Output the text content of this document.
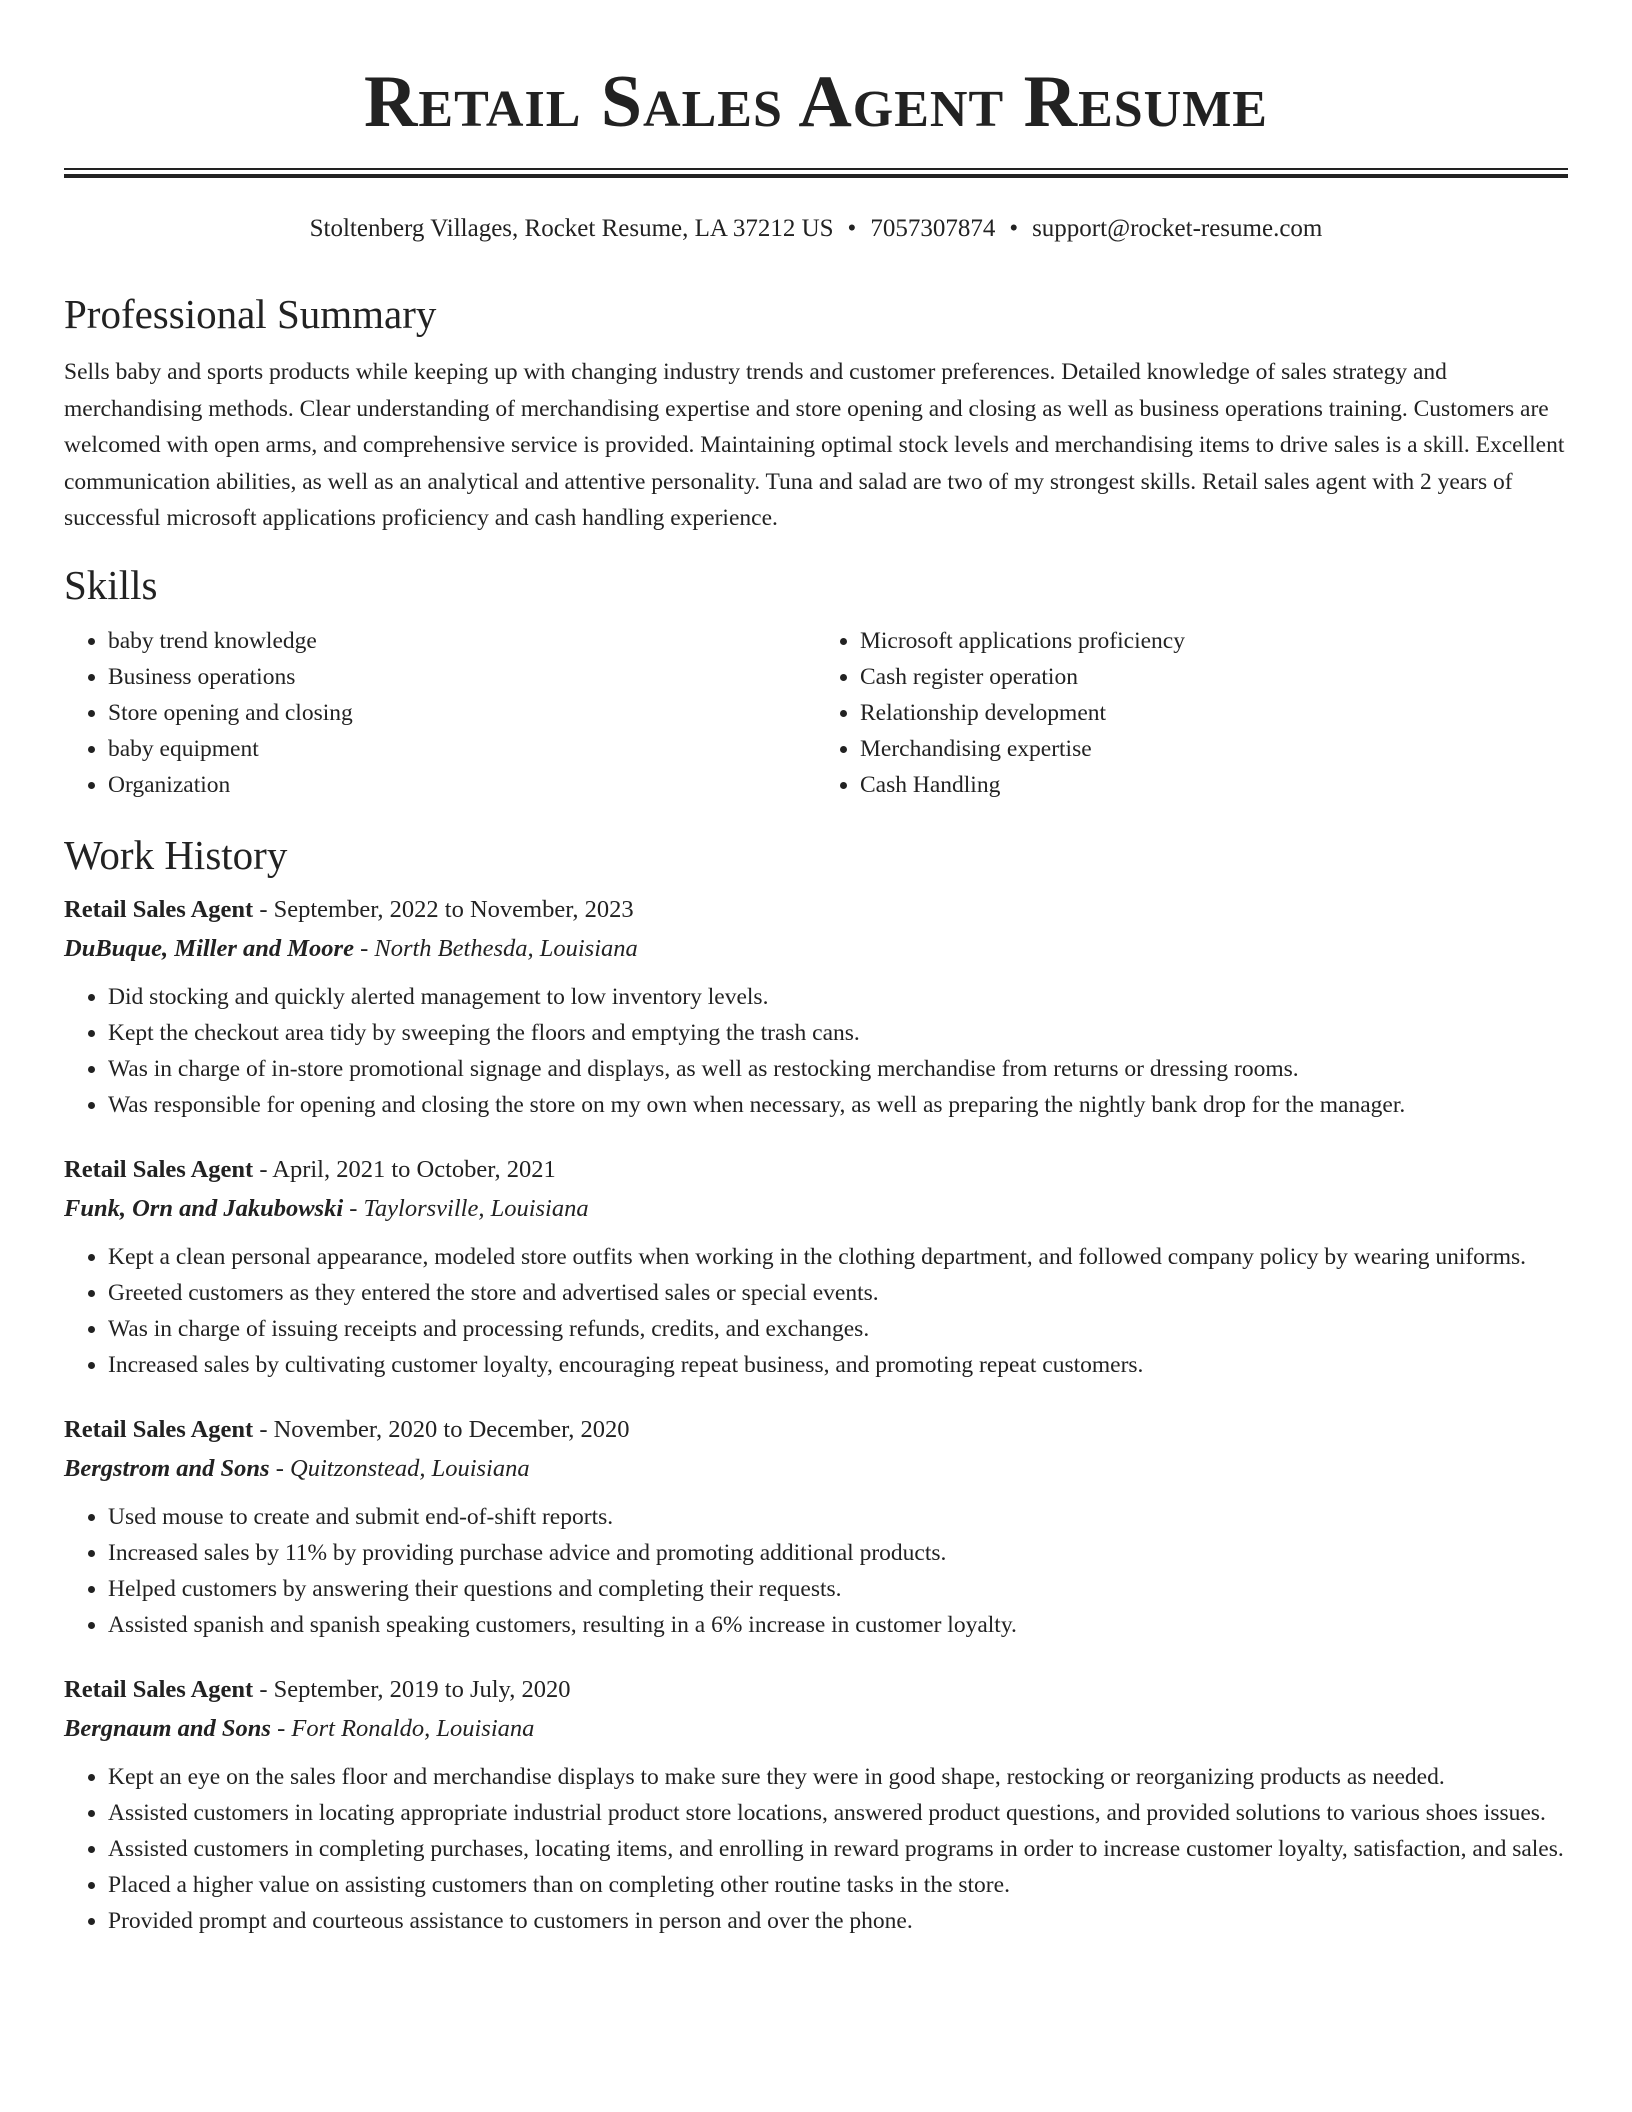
Retail Sales Agent Resume
Stoltenberg Villages, Rocket Resume, LA 37212 US • 7057307874 • support@rocket-resume.com
Professional Summary

Sells baby and sports products while keeping up with changing industry trends and customer preferences. Detailed knowledge of sales strategy and merchandising methods. Clear understanding of merchandising expertise and store opening and closing as well as business operations training. Customers are welcomed with open arms, and comprehensive service is provided. Maintaining optimal stock levels and merchandising items to drive sales is a skill. Excellent communication abilities, as well as an analytical and attentive personality. Tuna and salad are two of my strongest skills. Retail sales agent with 2 years of successful microsoft applications proficiency and cash handling experience.

Skills
• baby trend knowledge
• Business operations
• Store opening and closing
• baby equipment
• Organization
• Microsoft applications proficiency
• Cash register operation
• Relationship development
• Merchandising expertise
• Cash Handling
Work History
Retail Sales Agent - September, 2022 to November, 2023
DuBuque, Miller and Moore - North Bethesda, Louisiana
• Did stocking and quickly alerted management to low inventory levels.
• Kept the checkout area tidy by sweeping the floors and emptying the trash cans.
• Was in charge of in-store promotional signage and displays, as well as restocking merchandise from returns or dressing rooms.
• Was responsible for opening and closing the store on my own when necessary, as well as preparing the nightly bank drop for the manager.
Retail Sales Agent - April, 2021 to October, 2021
Funk, Orn and Jakubowski - Taylorsville, Louisiana
• Kept a clean personal appearance, modeled store outfits when working in the clothing department, and followed company policy by wearing uniforms.
• Greeted customers as they entered the store and advertised sales or special events.
• Was in charge of issuing receipts and processing refunds, credits, and exchanges.
• Increased sales by cultivating customer loyalty, encouraging repeat business, and promoting repeat customers.
Retail Sales Agent - November, 2020 to December, 2020
Bergstrom and Sons - Quitzonstead, Louisiana
• Used mouse to create and submit end-of-shift reports.
• Increased sales by 11% by providing purchase advice and promoting additional products.
• Helped customers by answering their questions and completing their requests.
• Assisted spanish and spanish speaking customers, resulting in a 6% increase in customer loyalty.
Retail Sales Agent - September, 2019 to July, 2020
Bergnaum and Sons - Fort Ronaldo, Louisiana
• Kept an eye on the sales floor and merchandise displays to make sure they were in good shape, restocking or reorganizing products as needed.
• Assisted customers in locating appropriate industrial product store locations, answered product questions, and provided solutions to various shoes issues.
• Assisted customers in completing purchases, locating items, and enrolling in reward programs in order to increase customer loyalty, satisfaction, and sales.
• Placed a higher value on assisting customers than on completing other routine tasks in the store.
• Provided prompt and courteous assistance to customers in person and over the phone.
